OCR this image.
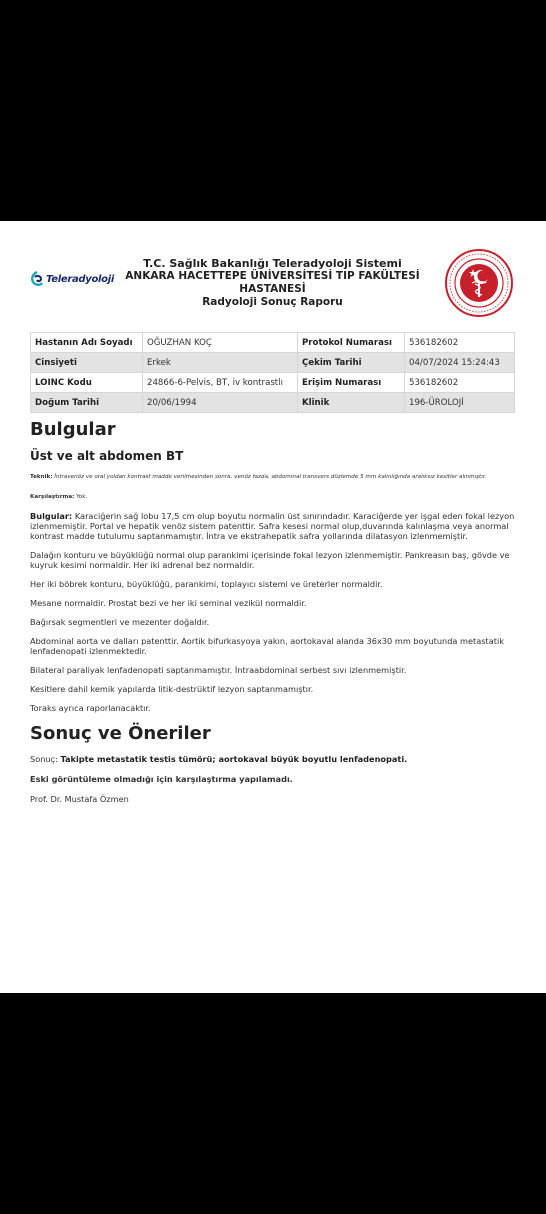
Teleradyoloji
T.C. Sağlık Bakanlığı Teleradyoloji Sistemi
ANKARA HACETTEPE ÜNİVERSİTESİ TIP FAKÜLTESİ
HASTANESİ
Radyoloji Sonuç Raporu
Hastanın Adı Soyadı	OĞUZHAN KOÇ	Protokol Numarası	536182602
Cinsiyeti	Erkek	Çekim Tarihi	04/07/2024 15:24:43
LOINC Kodu	24866-6-Pelvis, BT, iv kontrastlı	Erişim Numarası	536182602
Doğum Tarihi	20/06/1994	Klinik	196-ÜROLOJİ
Bulgular
Üst ve alt abdomen BT
Teknik: İntravenöz ve oral yoldan kontrast madde verilmesinden sonra, venöz fazda, abdominal transvers düzlemde 5 mm kalınlığında aralıksız kesitler alınmıştır.
Karşılaştırma: Yok.

Bulgular: Karaciğerin sağ lobu 17,5 cm olup boyutu normalin üst sınırındadır. Karaciğerde yer işgal eden fokal lezyon izlenmemiştir. Portal ve hepatik venöz sistem patenttir. Safra kesesi normal olup,duvarında kalınlaşma veya anormal kontrast madde tutulumu saptanmamıştır. İntra ve ekstrahepatik safra yollarında dilatasyon izlenmemiştir.

Dalağın konturu ve büyüklüğü normal olup parankimi içerisinde fokal lezyon izlenmemiştir. Pankreasın baş, gövde ve kuyruk kesimi normaldir. Her iki adrenal bez normaldir.

Her iki böbrek konturu, büyüklüğü, parankimi, toplayıcı sistemi ve üreterler normaldir.

Mesane normaldir. Prostat bezi ve her iki seminal vezikül normaldir.

Bağırsak segmentleri ve mezenter doğaldır.

Abdominal aorta ve dalları patenttir. Aortik bifurkasyoya yakın, aortokaval alanda 36x30 mm boyutunda metastatik lenfadenopati izlenmektedir.

Bilateral paraliyak lenfadenopati saptanmamıştır. İntraabdominal serbest sıvı izlenmemiştir.

Kesitlere dahil kemik yapılarda litik-destrüktif lezyon saptanmamıştır.

Toraks ayrıca raporlanacaktır.

Sonuç ve Öneriler

Sonuç: Takipte metastatik testis tümörü; aortokaval büyük boyutlu lenfadenopati.

Eski görüntüleme olmadığı için karşılaştırma yapılamadı.

Prof. Dr. Mustafa Özmen
